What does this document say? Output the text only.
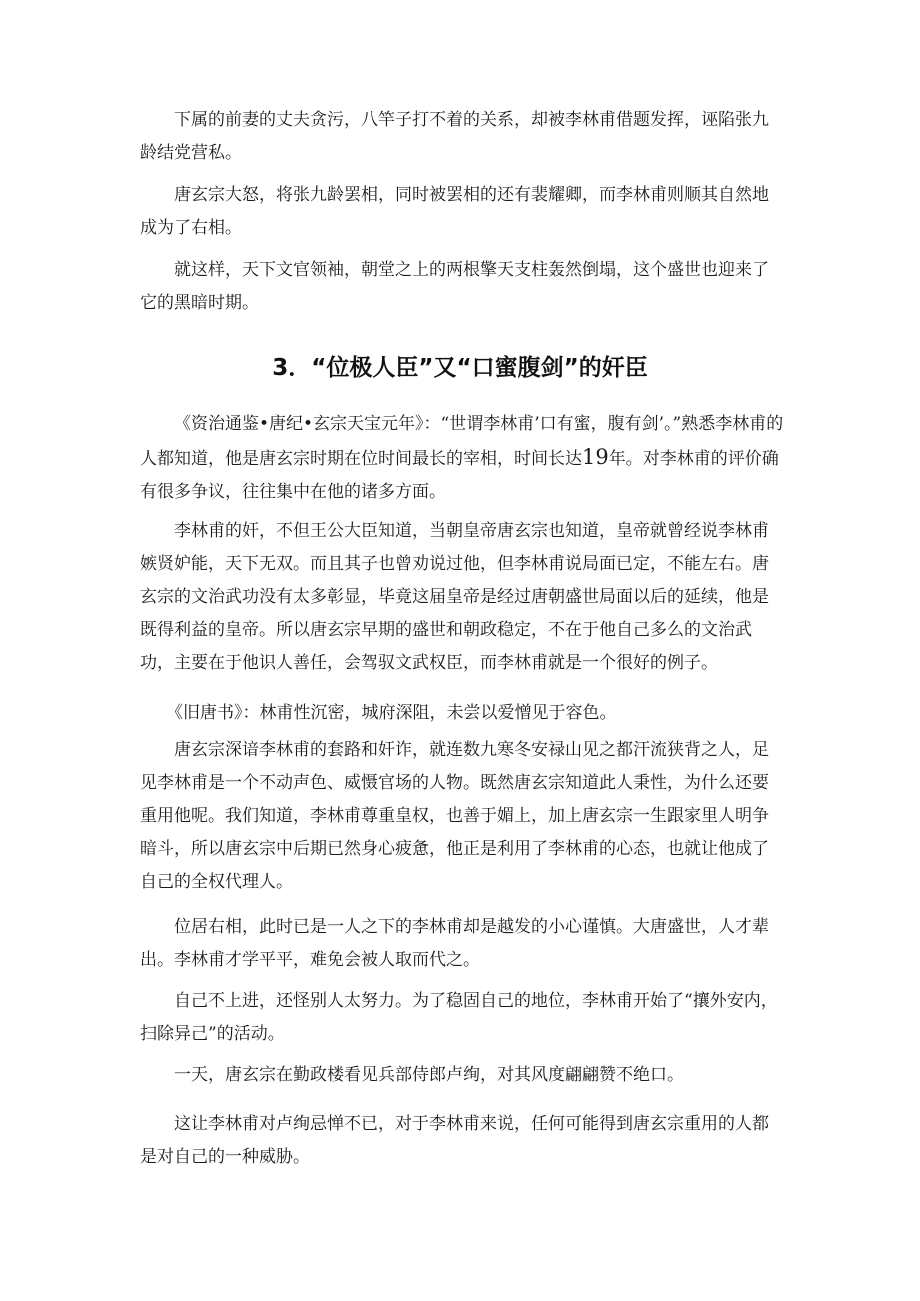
下属的前妻的丈夫贪污，八竿子打不着的关系，却被李林甫借题发挥，诬陷张九龄结党营私。

唐玄宗大怒，将张九龄罢相，同时被罢相的还有裴耀卿，而李林甫则顺其自然地成为了右相。

就这样，天下文官领袖，朝堂之上的两根擎天支柱轰然倒塌，这个盛世也迎来了它的黑暗时期。

3．“位极人臣”又“口蜜腹剑”的奸臣

《资治通鉴•唐纪•玄宗天宝元年》：“世谓李林甫’口有蜜，腹有剑’。”熟悉李林甫的人都知道，他是唐玄宗时期在位时间最长的宰相，时间长达19年。对李林甫的评价确有很多争议，往往集中在他的诸多方面。

李林甫的奸，不但王公大臣知道，当朝皇帝唐玄宗也知道，皇帝就曾经说李林甫嫉贤妒能，天下无双。而且其子也曾劝说过他，但李林甫说局面已定，不能左右。唐玄宗的文治武功没有太多彰显，毕竟这届皇帝是经过唐朝盛世局面以后的延续，他是既得利益的皇帝。所以唐玄宗早期的盛世和朝政稳定，不在于他自己多么的文治武功，主要在于他识人善任，会驾驭文武权臣，而李林甫就是一个很好的例子。

《旧唐书》：林甫性沉密，城府深阻，未尝以爱憎见于容色。

唐玄宗深谙李林甫的套路和奸诈，就连数九寒冬安禄山见之都汗流狭背之人，足见李林甫是一个不动声色、威慑官场的人物。既然唐玄宗知道此人秉性，为什么还要重用他呢。我们知道，李林甫尊重皇权，也善于媚上，加上唐玄宗一生跟家里人明争暗斗，所以唐玄宗中后期已然身心疲惫，他正是利用了李林甫的心态，也就让他成了自己的全权代理人。

位居右相，此时已是一人之下的李林甫却是越发的小心谨慎。大唐盛世，人才辈出。李林甫才学平平，难免会被人取而代之。

自己不上进，还怪别人太努力。为了稳固自己的地位，李林甫开始了“攘外安内，扫除异己”的活动。

一天，唐玄宗在勤政楼看见兵部侍郎卢绚，对其风度翩翩赞不绝口。

这让李林甫对卢绚忌惮不已，对于李林甫来说，任何可能得到唐玄宗重用的人都是对自己的一种威胁。
